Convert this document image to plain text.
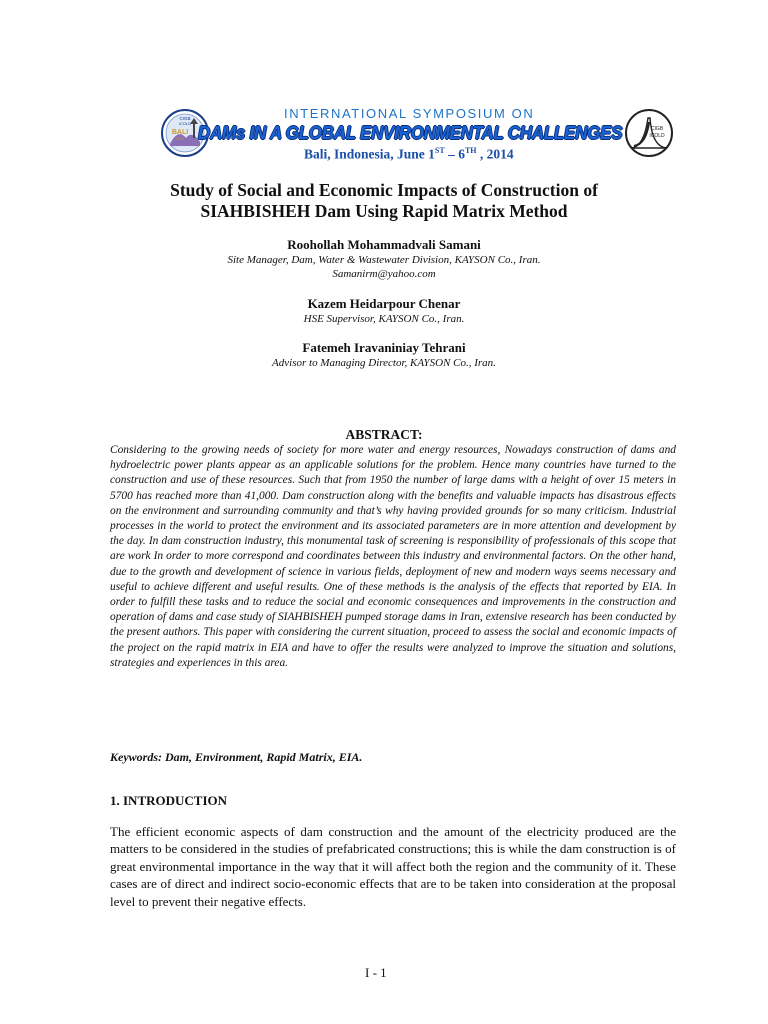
CIGB
ICOLD
BALI
2014
INTERNATIONAL SYMPOSIUM ON
DAMs IN A GLOBAL ENVIRONMENTAL CHALLENGES
Bali, Indonesia, June 1ST – 6TH , 2014
CIGB
ICOLD
Study of Social and Economic Impacts of Construction of
SIAHBISHEH Dam Using Rapid Matrix Method
Roohollah Mohammadvali Samani
Site Manager, Dam, Water & Wastewater Division, KAYSON Co., Iran.
Samanirm@yahoo.com
Kazem Heidarpour Chenar
HSE Supervisor, KAYSON Co., Iran.
Fatemeh Iravaniniay Tehrani
Advisor to Managing Director, KAYSON Co., Iran.
ABSTRACT:
Considering to the growing needs of society for more water and energy resources, Nowadays construction of dams and hydroelectric power plants appear as an applicable solutions for the problem. Hence many countries have turned to the construction and use of these resources. Such that from 1950 the number of large dams with a height of over 15 meters in 5700 has reached more than 41,000. Dam construction along with the benefits and valuable impacts has disastrous effects on the environment and surrounding community and that’s why having provided grounds for so many criticism. Industrial processes in the world to protect the environment and its associated parameters are in more attention and development by the day. In dam construction industry, this monumental task of screening is responsibility of professionals of this scope that are work In order to more correspond and coordinates between this industry and environmental factors. On the other hand, due to the growth and development of science in various fields, deployment of new and modern ways seems necessary and useful to achieve different and useful results. One of these methods is the analysis of the effects that reported by EIA. In order to fulfill these tasks and to reduce the social and economic consequences and improvements in the construction and operation of dams and case study of SIAHBISHEH pumped storage dams in Iran, extensive research has been conducted by the present authors. This paper with considering the current situation, proceed to assess the social and economic impacts of the project on the rapid matrix in EIA and have to offer the results were analyzed to improve the situation and solutions, strategies and experiences in this area.
Keywords: Dam, Environment, Rapid Matrix, EIA.
1. INTRODUCTION
The efficient economic aspects of dam construction and the amount of the electricity produced are the matters to be considered in the studies of prefabricated constructions; this is while the dam construction is of great environmental importance in the way that it will affect both the region and the community of it. These cases are of direct and indirect socio-economic effects that are to be taken into consideration at the proposal level to prevent their negative effects.
I - 1
